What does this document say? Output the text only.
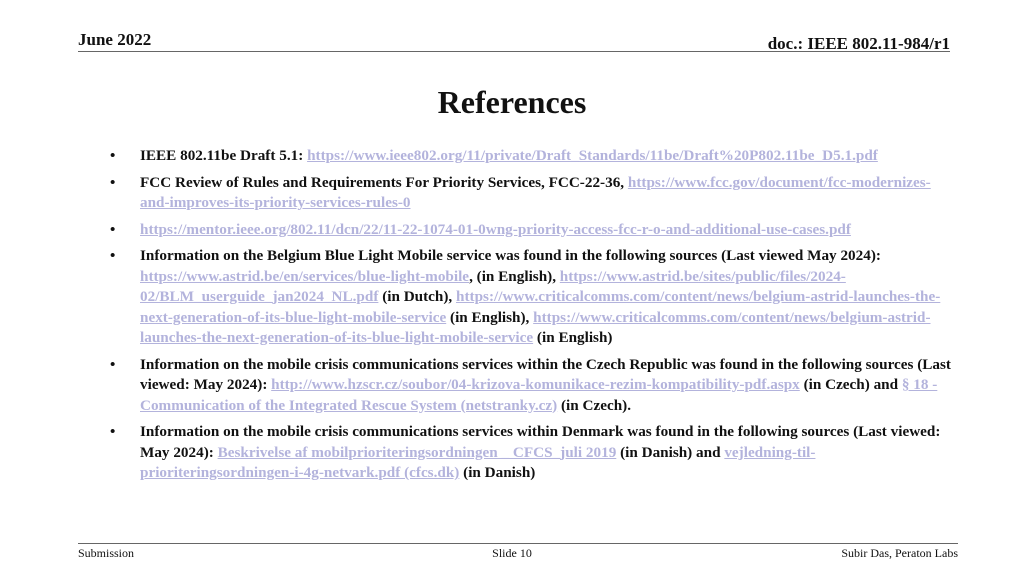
June 2022	doc.: IEEE 802.11-984/r1
References
• IEEE 802.11be Draft 5.1: https://www.ieee802.org/11/private/Draft_Standards/11be/Draft%20P802.11be_D5.1.pdf
• FCC Review of Rules and Requirements For Priority Services, FCC-22-36, https://www.fcc.gov/document/fcc-modernizes-and-improves-its-priority-services-rules-0
• https://mentor.ieee.org/802.11/dcn/22/11-22-1074-01-0wng-priority-access-fcc-r-o-and-additional-use-cases.pdf
• Information on the Belgium Blue Light Mobile service was found in the following sources (Last viewed May 2024):  https://www.astrid.be/en/services/blue-light-mobile, (in English), https://www.astrid.be/sites/public/files/2024-02/BLM_userguide_jan2024_NL.pdf (in Dutch), https://www.criticalcomms.com/content/news/belgium-astrid-launches-the-next-generation-of-its-blue-light-mobile-service (in English), https://www.criticalcomms.com/content/news/belgium-astrid-launches-the-next-generation-of-its-blue-light-mobile-service (in English)
• Information on the mobile crisis communications services within the Czech Republic was found in the following sources (Last viewed: May 2024): http://www.hzscr.cz/soubor/04-krizova-komunikace-rezim-kompatibility-pdf.aspx (in Czech) and § 18 - Communication of the Integrated Rescue System (netstranky.cz) (in Czech).
• Information on the mobile crisis communications services within Denmark was found in the following sources (Last viewed: May 2024): Beskrivelse af mobilprioriteringsordningen _ CFCS_juli 2019 (in Danish) and vejledning-til-prioriteringsordningen-i-4g-netvark.pdf (cfcs.dk) (in Danish)
Submission	Slide 10	Subir Das, Peraton Labs
